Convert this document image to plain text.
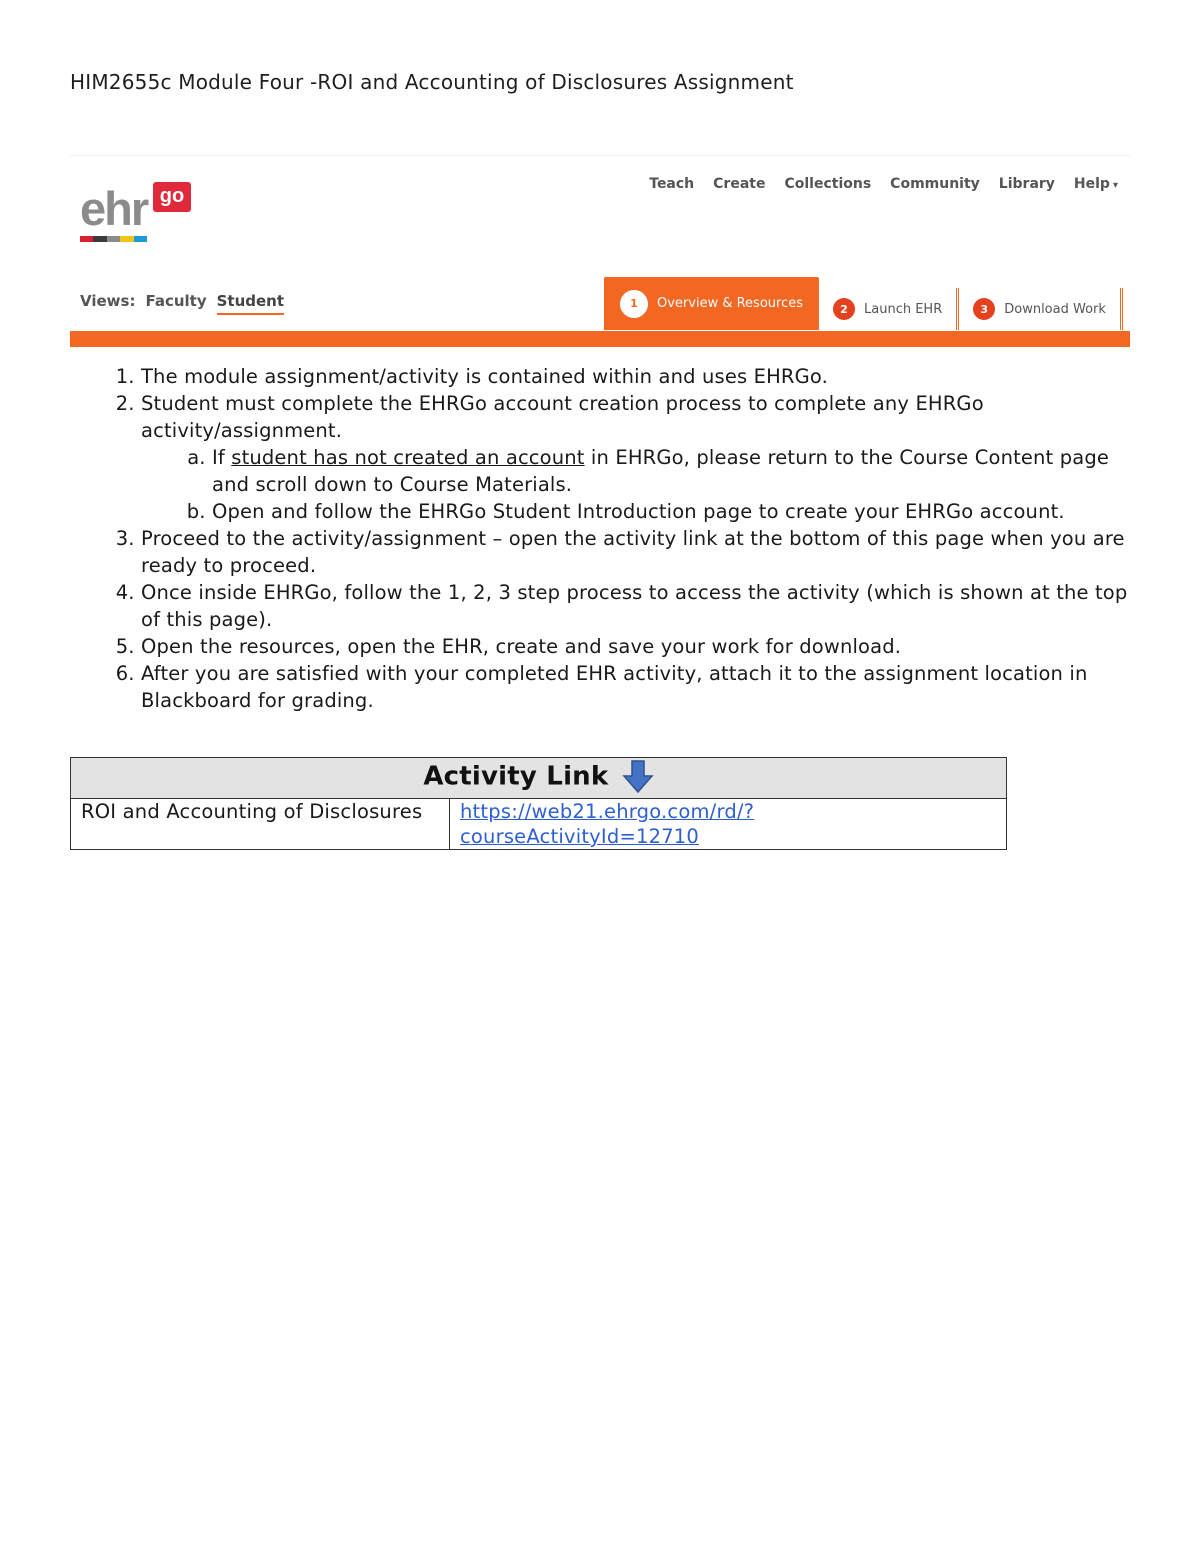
HIM2655c Module Four -ROI and Accounting of Disclosures Assignment
ehr go
Teach Create Collections Community Library Help ▾
Views: Faculty Student	1	Overview & Resources	2	Launch EHR	3	Download Work
1. The module assignment/activity is contained within and uses EHRGo.
2. Student must complete the EHRGo account creation process to complete any EHRGo activity/assignment.
a. If student has not created an account in EHRGo, please return to the Course Content page and scroll down to Course Materials.
b. Open and follow the EHRGo Student Introduction page to create your EHRGo account.
3. Proceed to the activity/assignment – open the activity link at the bottom of this page when you are ready to proceed.
4. Once inside EHRGo, follow the 1, 2, 3 step process to access the activity (which is shown at the top of this page).
5. Open the resources, open the EHR, create and save your work for download.
6. After you are satisfied with your completed EHR activity, attach it to the assignment location in Blackboard for grading.
Activity Link
ROI and Accounting of Disclosures	https://web21.ehrgo.com/rd/?
courseActivityId=12710
